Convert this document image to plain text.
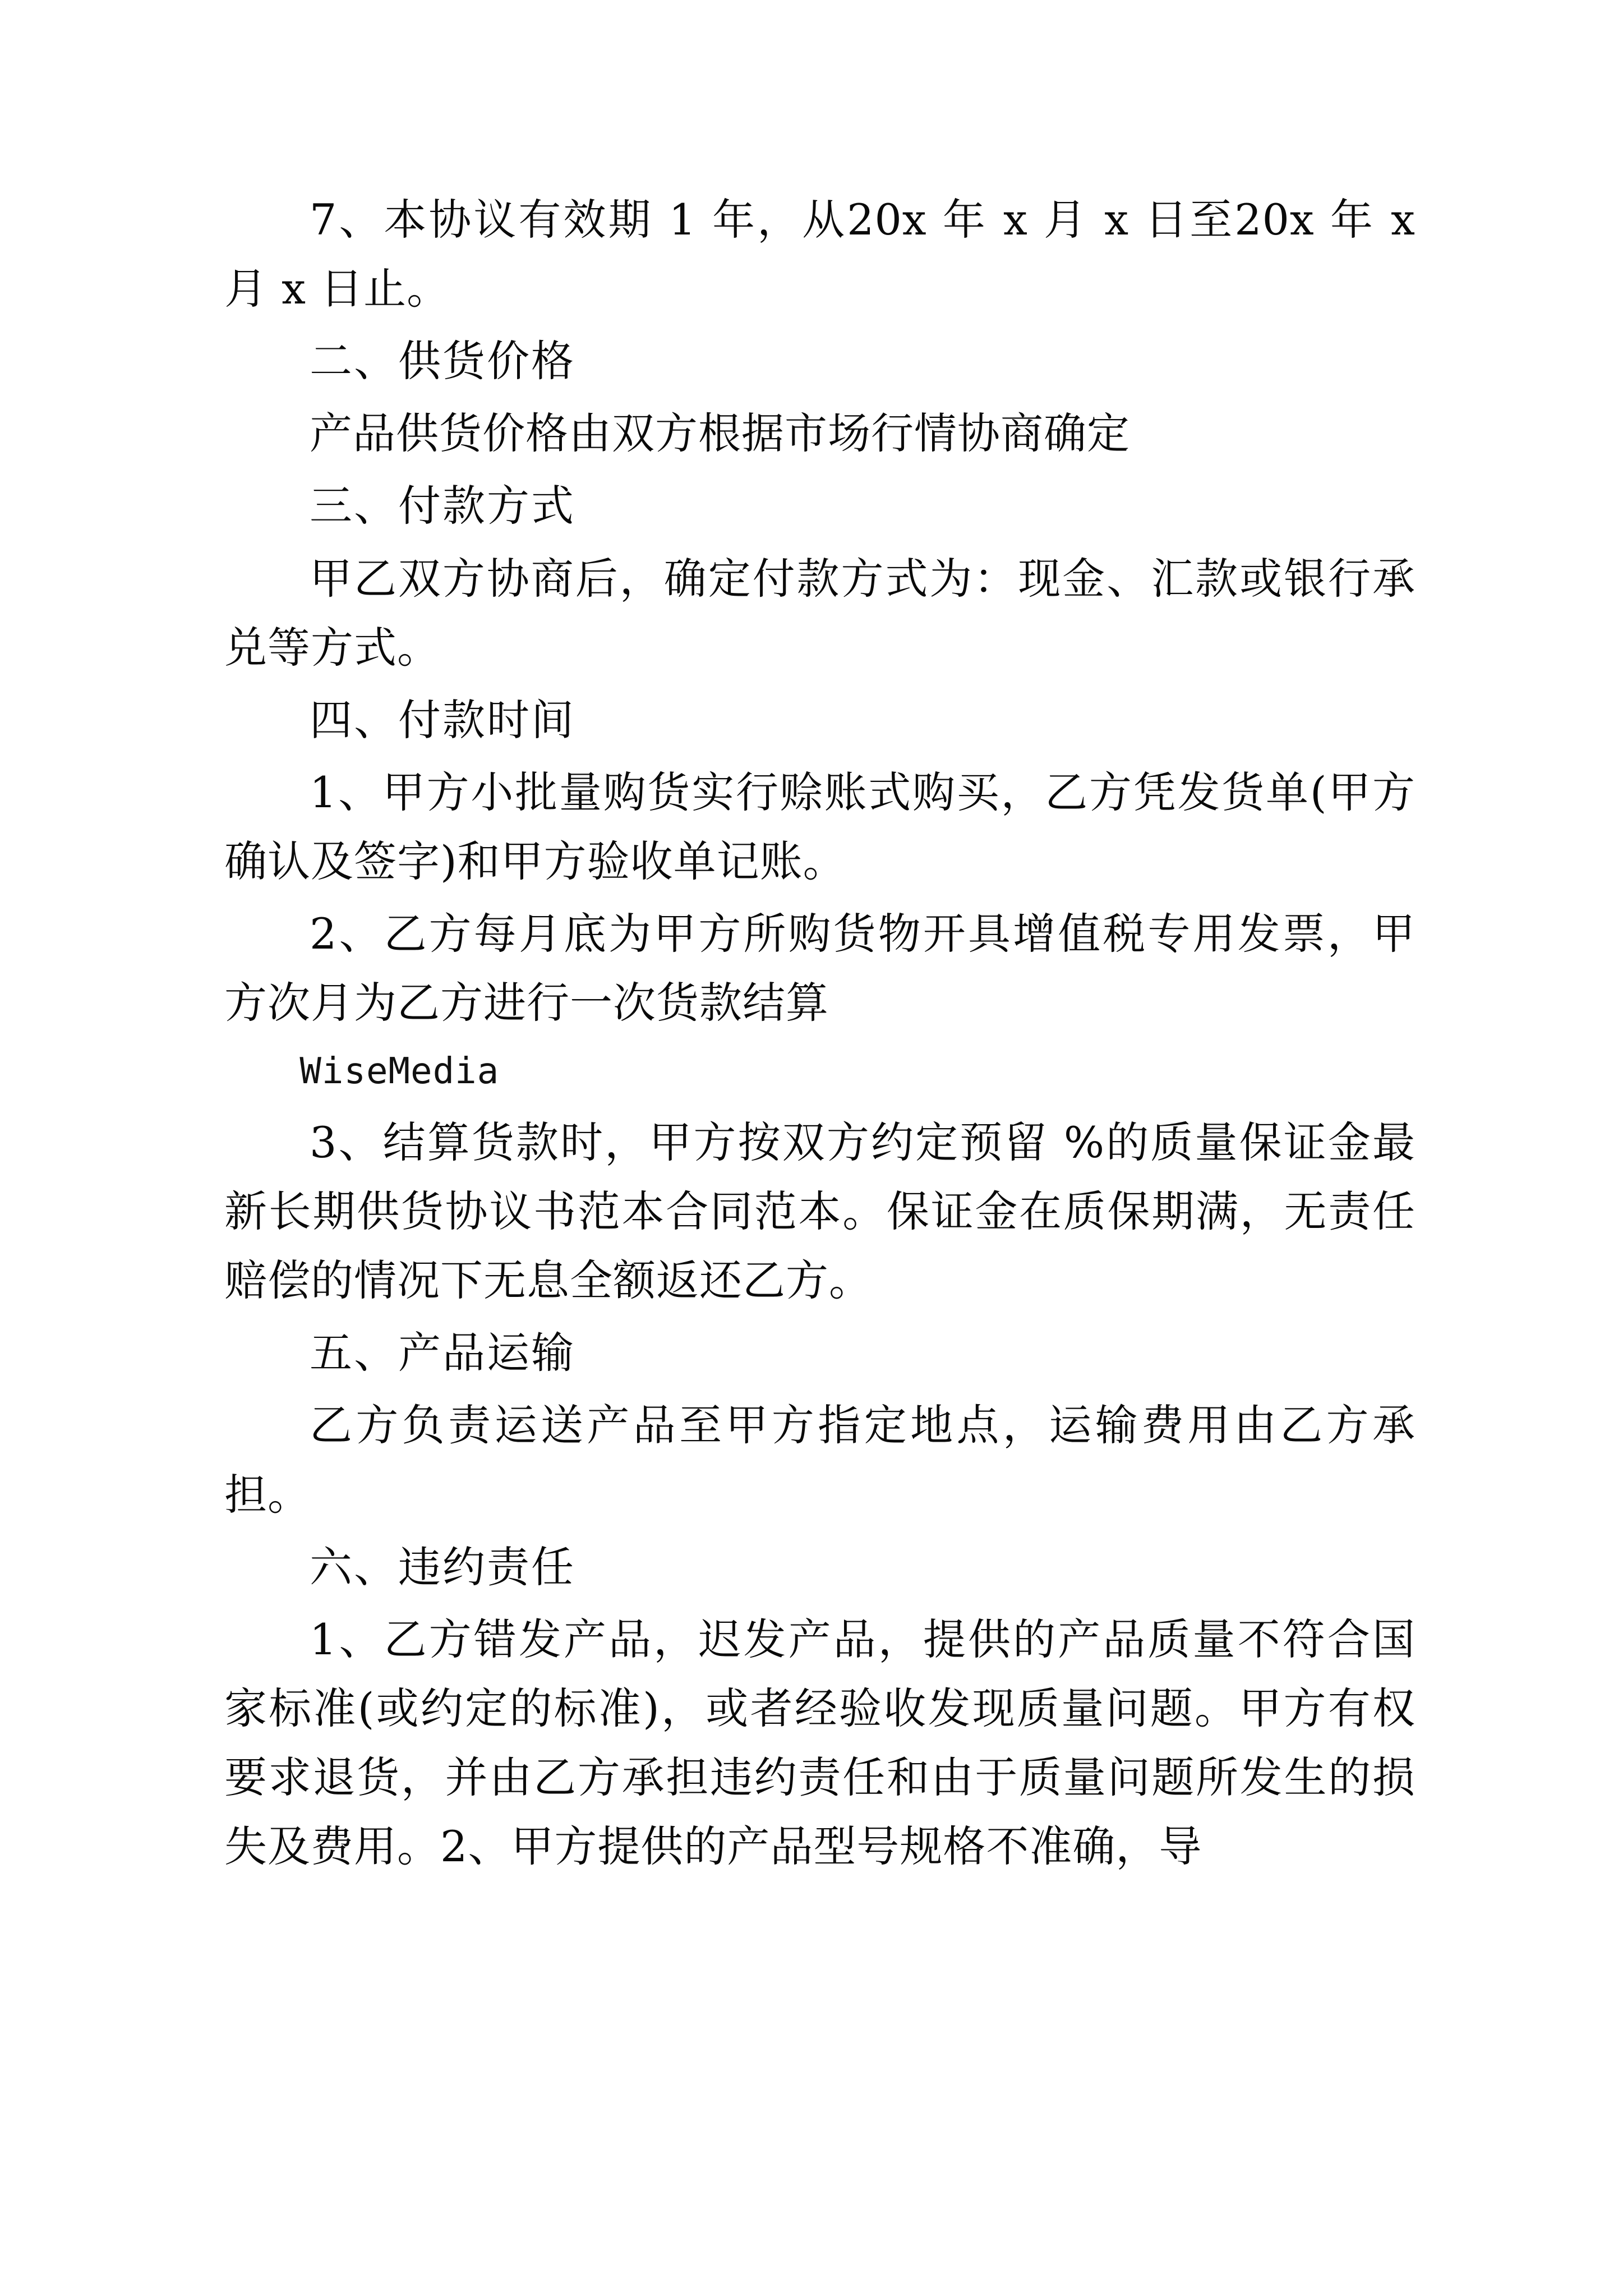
7、本协议有效期 1 年，从20x 年 x 月 x 日至20x 年 x 月 x 日止。

二、供货价格

产品供货价格由双方根据市场行情协商确定

三、付款方式

甲乙双方协商后，确定付款方式为：现金、汇款或银行承兑等方式。

四、付款时间

1、甲方小批量购货实行赊账式购买，乙方凭发货单(甲方确认及签字)和甲方验收单记账。

2、乙方每月底为甲方所购货物开具增值税专用发票，甲方次月为乙方进行一次货款结算

WiseMedia

3、结算货款时，甲方按双方约定预留 %的质量保证金最新长期供货协议书范本合同范本。保证金在质保期满，无责任赔偿的情况下无息全额返还乙方。

五、产品运输

乙方负责运送产品至甲方指定地点，运输费用由乙方承担。

六、违约责任

1、乙方错发产品，迟发产品，提供的产品质量不符合国家标准(或约定的标准)，或者经验收发现质量问题。甲方有权要求退货，并由乙方承担违约责任和由于质量问题所发生的损失及费用。2、甲方提供的产品型号规格不准确，导
